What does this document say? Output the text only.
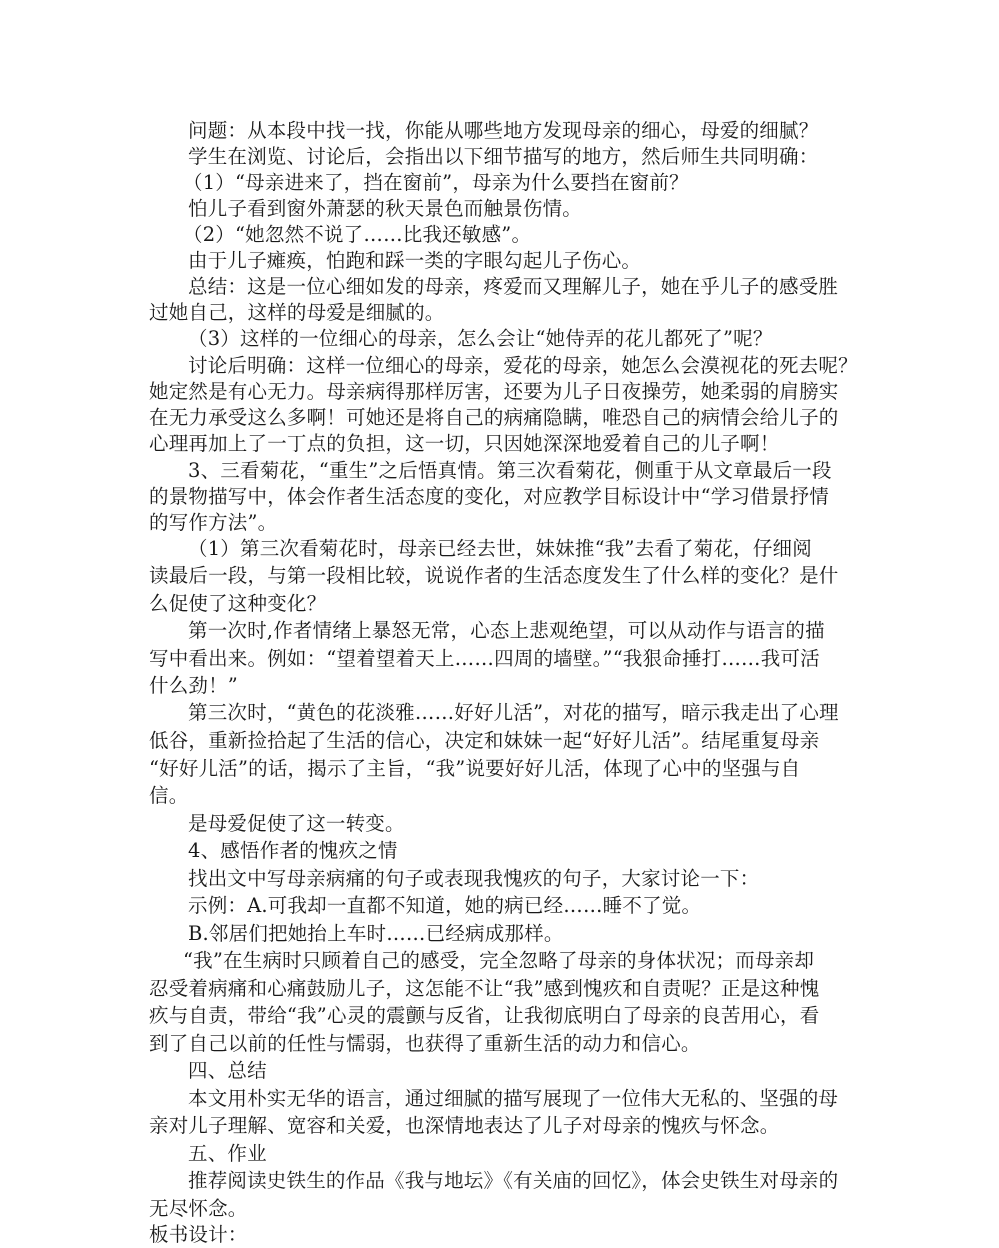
问题：从本段中找一找，你能从哪些地方发现母亲的细心，母爱的细腻？
学生在浏览、讨论后，会指出以下细节描写的地方，然后师生共同明确：
（1）“母亲进来了，挡在窗前”，母亲为什么要挡在窗前？
怕儿子看到窗外萧瑟的秋天景色而触景伤情。
（2）“她忽然不说了……比我还敏感”。
由于儿子瘫痪，怕跑和踩一类的字眼勾起儿子伤心。
总结：这是一位心细如发的母亲，疼爱而又理解儿子，她在乎儿子的感受胜
过她自己，这样的母爱是细腻的。
（3）这样的一位细心的母亲，怎么会让“她侍弄的花儿都死了”呢？
讨论后明确：这样一位细心的母亲，爱花的母亲，她怎么会漠视花的死去呢？
她定然是有心无力。母亲病得那样厉害，还要为儿子日夜操劳，她柔弱的肩膀实
在无力承受这么多啊！可她还是将自己的病痛隐瞒，唯恐自己的病情会给儿子的
心理再加上了一丁点的负担，这一切，只因她深深地爱着自己的儿子啊！
3、三看菊花，“重生”之后悟真情。第三次看菊花，侧重于从文章最后一段
的景物描写中，体会作者生活态度的变化，对应教学目标设计中“学习借景抒情
的写作方法”。
（1）第三次看菊花时，母亲已经去世，妹妹推“我”去看了菊花，仔细阅
读最后一段，与第一段相比较，说说作者的生活态度发生了什么样的变化？是什
么促使了这种变化？
第一次时,作者情绪上暴怒无常，心态上悲观绝望，可以从动作与语言的描
写中看出来。例如：“望着望着天上……四周的墙壁。”“我狠命捶打……我可活
什么劲！”
第三次时，“黄色的花淡雅……好好儿活”，对花的描写，暗示我走出了心理
低谷，重新捡拾起了生活的信心，决定和妹妹一起“好好儿活”。结尾重复母亲
“好好儿活”的话，揭示了主旨，“我”说要好好儿活，体现了心中的坚强与自
信。
是母爱促使了这一转变。
4、感悟作者的愧疚之情
找出文中写母亲病痛的句子或表现我愧疚的句子，大家讨论一下：
示例：A.可我却一直都不知道，她的病已经……睡不了觉。
B.邻居们把她抬上车时……已经病成那样。
“我”在生病时只顾着自己的感受，完全忽略了母亲的身体状况；而母亲却
忍受着病痛和心痛鼓励儿子，这怎能不让“我”感到愧疚和自责呢？正是这种愧
疚与自责，带给“我”心灵的震颤与反省，让我彻底明白了母亲的良苦用心，看
到了自己以前的任性与懦弱，也获得了重新生活的动力和信心。
四、总结
本文用朴实无华的语言，通过细腻的描写展现了一位伟大无私的、坚强的母
亲对儿子理解、宽容和关爱，也深情地表达了儿子对母亲的愧疚与怀念。
五、作业
推荐阅读史铁生的作品《我与地坛》《有关庙的回忆》，体会史铁生对母亲的
无尽怀念。
板书设计：
